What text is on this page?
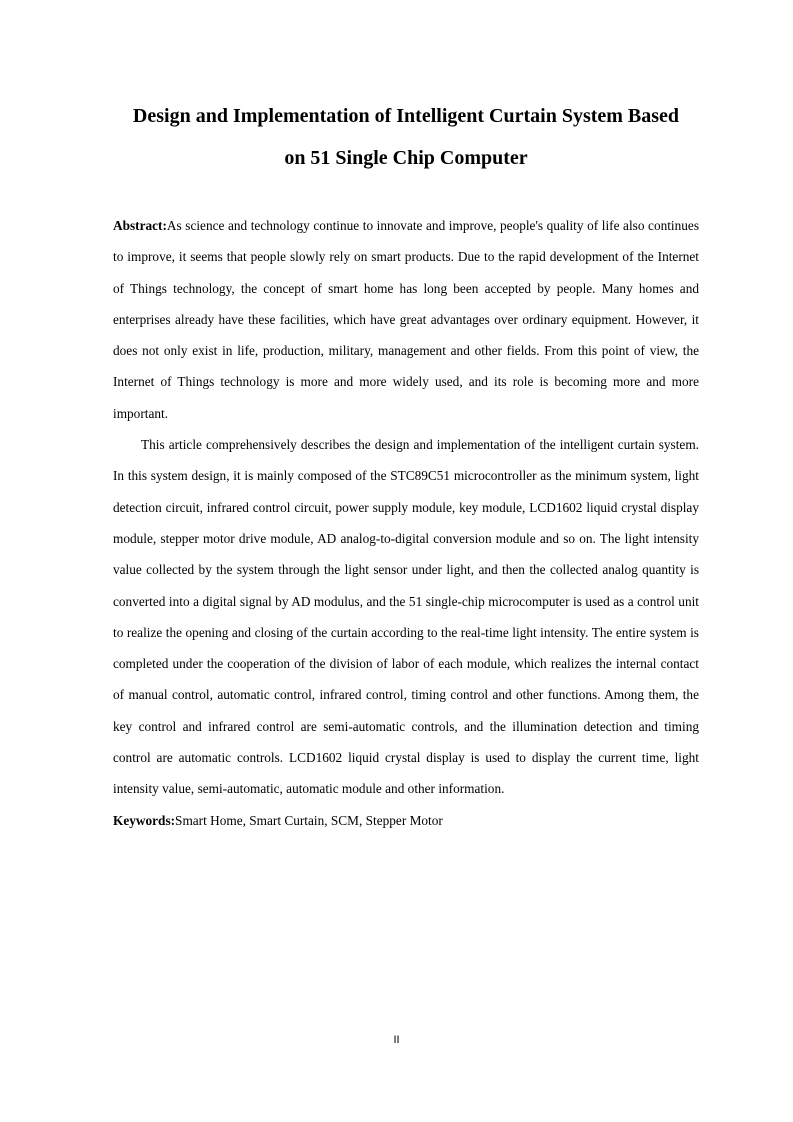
Design and Implementation of Intelligent Curtain System Based
on 51 Single Chip Computer

Abstract:As science and technology continue to innovate and improve, people's quality of life also continues to improve, it seems that people slowly rely on smart products. Due to the rapid development of the Internet of Things technology, the concept of smart home has long been accepted by people. Many homes and enterprises already have these facilities, which have great advantages over ordinary equipment. However, it does not only exist in life, production, military, management and other fields. From this point of view, the Internet of Things technology is more and more widely used, and its role is becoming more and more important.

This article comprehensively describes the design and implementation of the intelligent curtain system. In this system design, it is mainly composed of the STC89C51 microcontroller as the minimum system, light detection circuit, infrared control circuit, power supply module, key module, LCD1602 liquid crystal display module, stepper motor drive module, AD analog-to-digital conversion module and so on. The light intensity value collected by the system through the light sensor under light, and then the collected analog quantity is converted into a digital signal by AD modulus, and the 51 single-chip microcomputer is used as a control unit to realize the opening and closing of the curtain according to the real-time light intensity. The entire system is completed under the cooperation of the division of labor of each module, which realizes the internal contact of manual control, automatic control, infrared control, timing control and other functions. Among them, the key control and infrared control are semi-automatic controls, and the illumination detection and timing control are automatic controls. LCD1602 liquid crystal display is used to display the current time, light intensity value, semi-automatic, automatic module and other information.

Keywords:Smart Home, Smart Curtain, SCM, Stepper Motor

II
